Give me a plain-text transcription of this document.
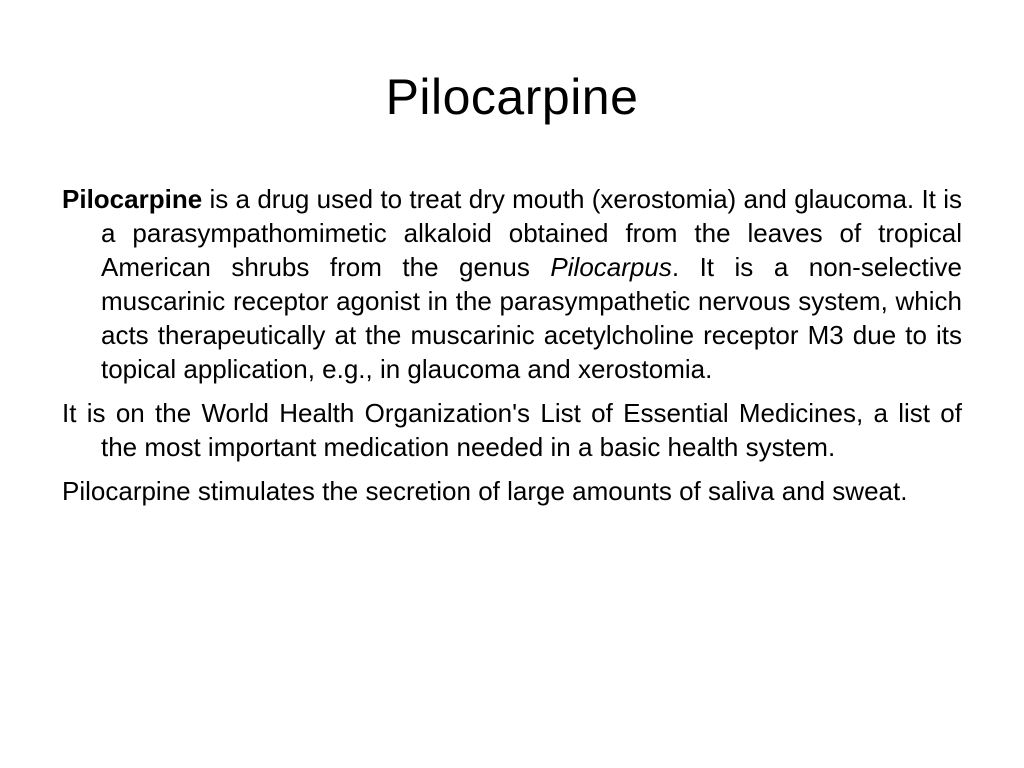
Pilocarpine

Pilocarpine is a drug used to treat dry mouth (xerostomia) and glaucoma. It is a parasympathomimetic alkaloid obtained from the leaves of tropical American shrubs from the genus Pilocarpus. It is a non-selective muscarinic receptor agonist in the parasympathetic nervous system, which acts therapeutically at the muscarinic acetylcholine receptor M3 due to its topical application, e.g., in glaucoma and xerostomia.

It is on the World Health Organization's List of Essential Medicines, a list of the most important medication needed in a basic health system.

Pilocarpine stimulates the secretion of large amounts of saliva and sweat.
